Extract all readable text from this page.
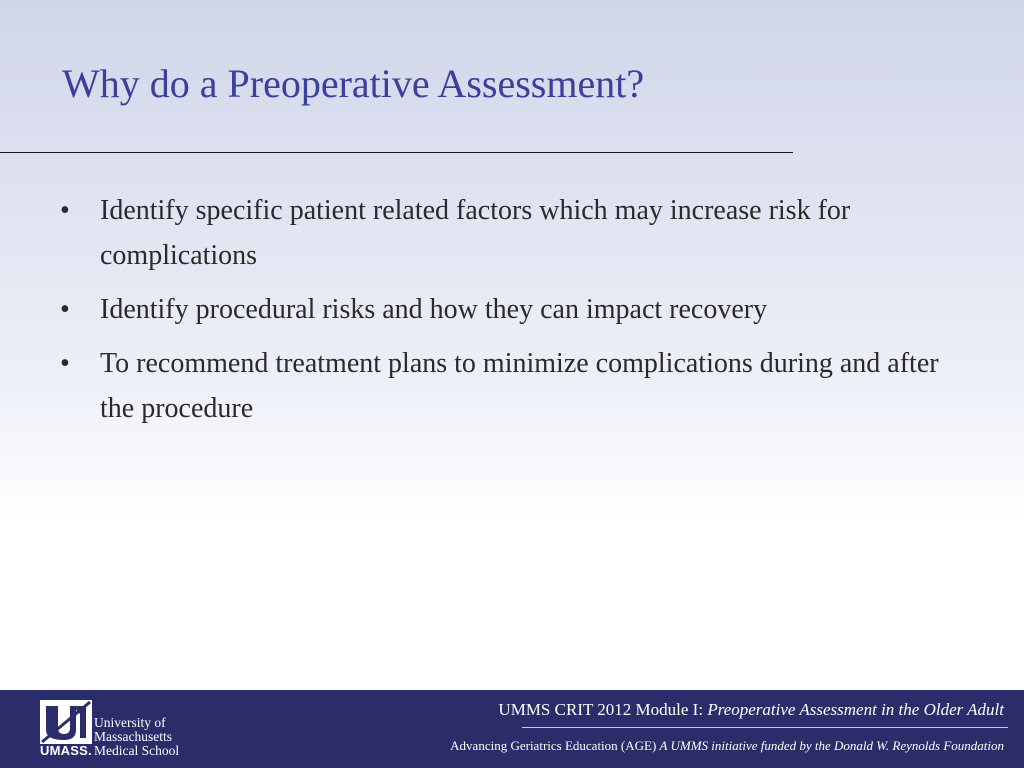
Why do a Preoperative Assessment?
•	Identify specific patient related factors which may increase risk for complications
•	Identify procedural risks and how they can impact recovery
•	To recommend treatment plans to minimize complications during and after the procedure
UMASS.
University of
Massachusetts
Medical School
UMMS CRIT 2012 Module I: Preoperative Assessment in the Older Adult
Advancing Geriatrics Education (AGE) A UMMS initiative funded by the Donald W. Reynolds Foundation
